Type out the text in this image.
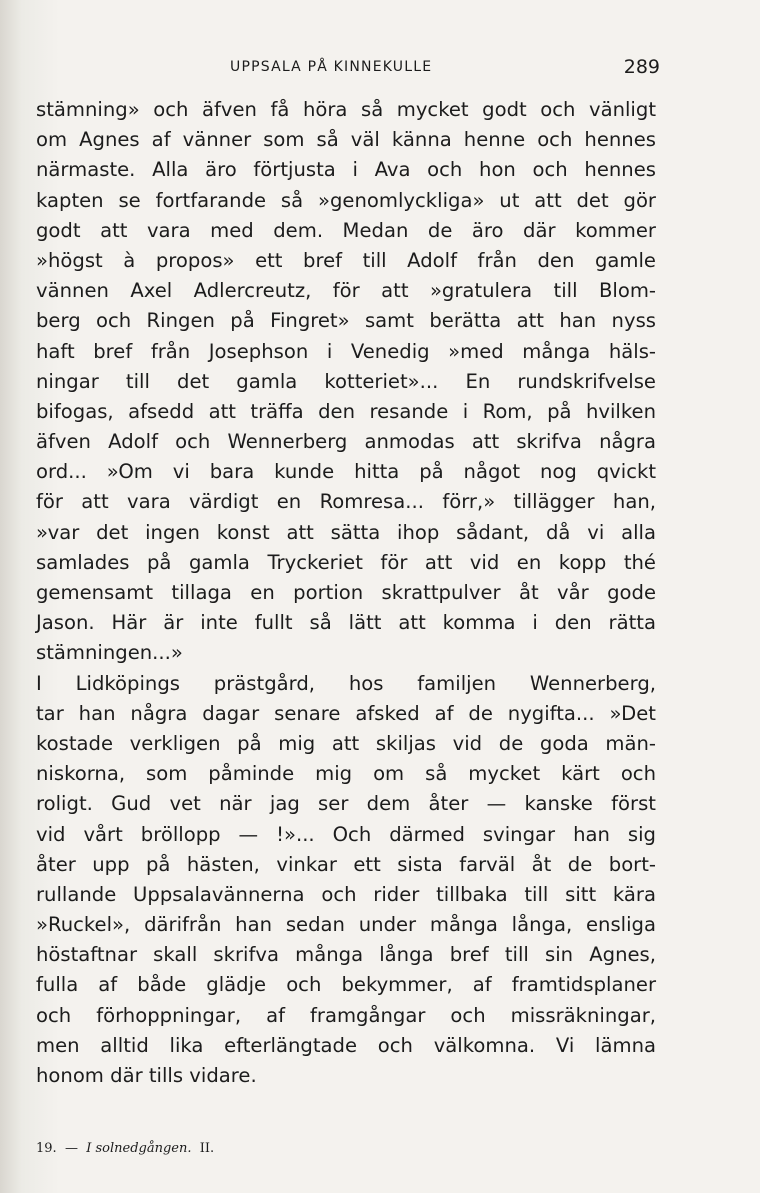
UPPSALA PÅ KINNEKULLE	289
stämning» och äfven få höra så mycket godt och vänligt
om Agnes af vänner som så väl känna henne och hennes
närmaste. Alla äro förtjusta i Ava och hon och hennes
kapten se fortfarande så »genomlyckliga» ut att det gör
godt att vara med dem. Medan de äro där kommer
»högst à propos» ett bref till Adolf från den gamle
vännen Axel Adlercreutz, för att »gratulera till Blom-
berg och Ringen på Fingret» samt berätta att han nyss
haft bref från Josephson i Venedig »med många häls-
ningar till det gamla kotteriet»... En rundskrifvelse
bifogas, afsedd att träffa den resande i Rom, på hvilken
äfven Adolf och Wennerberg anmodas att skrifva några
ord... »Om vi bara kunde hitta på något nog qvickt
för att vara värdigt en Romresa... förr,» tillägger han,
»var det ingen konst att sätta ihop sådant, då vi alla
samlades på gamla Tryckeriet för att vid en kopp thé
gemensamt tillaga en portion skrattpulver åt vår gode
Jason. Här är inte fullt så lätt att komma i den rätta
stämningen...»
I Lidköpings prästgård, hos familjen Wennerberg,
tar han några dagar senare afsked af de nygifta... »Det
kostade verkligen på mig att skiljas vid de goda män-
niskorna, som påminde mig om så mycket kärt och
roligt. Gud vet när jag ser dem åter — kanske först
vid vårt bröllopp — !»... Och därmed svingar han sig
åter upp på hästen, vinkar ett sista farväl åt de bort-
rullande Uppsalavännerna och rider tillbaka till sitt kära
»Ruckel», därifrån han sedan under många långa, ensliga
höstaftnar skall skrifva många långa bref till sin Agnes,
fulla af både glädje och bekymmer, af framtidsplaner
och förhoppningar, af framgångar och missräkningar,
men alltid lika efterlängtade och välkomna. Vi lämna
honom där tills vidare.
19. — I solnedgången. II.
